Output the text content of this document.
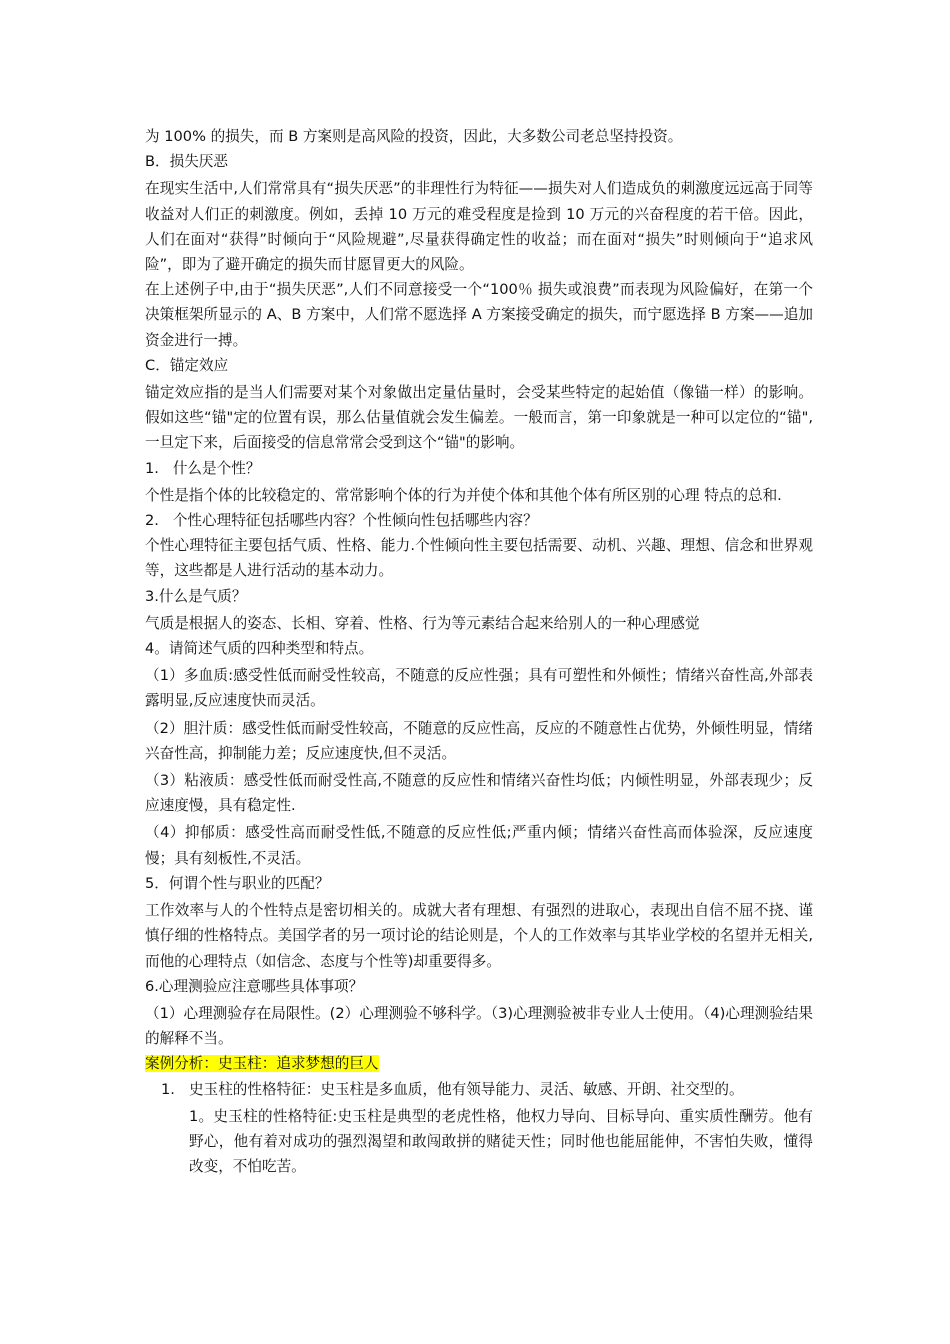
为 100% 的损失，而 B 方案则是高风险的投资，因此，大多数公司老总坚持投资。

B．损失厌恶

在现实生活中,人们常常具有“损失厌恶”的非理性行为特征——损失对人们造成负的刺激度远远高于同等收益对人们正的刺激度。例如，丢掉 10 万元的难受程度是捡到 10 万元的兴奋程度的若干倍。因此，人们在面对“获得”时倾向于“风险规避”,尽量获得确定性的收益；而在面对“损失”时则倾向于“追求风险”，即为了避开确定的损失而甘愿冒更大的风险。

在上述例子中,由于“损失厌恶”,人们不同意接受一个“100％ 损失或浪费”而表现为风险偏好，在第一个决策框架所显示的 A、B 方案中，人们常不愿选择 A 方案接受确定的损失，而宁愿选择 B 方案——追加资金进行一搏。

C．锚定效应

锚定效应指的是当人们需要对某个对象做出定量估量时，会受某些特定的起始值（像锚一样）的影响。假如这些“锚"定的位置有误，那么估量值就会发生偏差。一般而言，第一印象就是一种可以定位的“锚",一旦定下来，后面接受的信息常常会受到这个“锚"的影响。

1.   什么是个性？

个性是指个体的比较稳定的、常常影响个体的行为并使个体和其他个体有所区别的心理 特点的总和.

2.   个性心理特征包括哪些内容？个性倾向性包括哪些内容？

个性心理特征主要包括气质、性格、能力.个性倾向性主要包括需要、动机、兴趣、理想、信念和世界观等，这些都是人进行活动的基本动力。

3.什么是气质？

气质是根据人的姿态、长相、穿着、性格、行为等元素结合起来给别人的一种心理感觉

4。请简述气质的四种类型和特点。

（1）多血质:感受性低而耐受性较高，不随意的反应性强；具有可塑性和外倾性；情绪兴奋性高,外部表露明显,反应速度快而灵活。

（2）胆汁质：感受性低而耐受性较高，不随意的反应性高，反应的不随意性占优势，外倾性明显，情绪兴奋性高，抑制能力差；反应速度快,但不灵活。

（3）粘液质：感受性低而耐受性高,不随意的反应性和情绪兴奋性均低；内倾性明显，外部表现少；反应速度慢，具有稳定性.

（4）抑郁质：感受性高而耐受性低,不随意的反应性低;严重内倾；情绪兴奋性高而体验深，反应速度慢；具有刻板性,不灵活。

5．何谓个性与职业的匹配？

工作效率与人的个性特点是密切相关的。成就大者有理想、有强烈的进取心，表现出自信不屈不挠、谨慎仔细的性格特点。美国学者的另一项讨论的结论则是，个人的工作效率与其毕业学校的名望并无相关,而他的心理特点（如信念、态度与个性等)却重要得多。

6.心理测验应注意哪些具体事项？

（1）心理测验存在局限性。(2）心理测验不够科学。（3)心理测验被非专业人士使用。（4)心理测验结果的解释不当。

案例分析：史玉柱：追求梦想的巨人

1. 史玉柱的性格特征：史玉柱是多血质，他有领导能力、灵活、敏感、开朗、社交型的。

1。史玉柱的性格特征:史玉柱是典型的老虎性格，他权力导向、目标导向、重实质性酬劳。他有野心，他有着对成功的强烈渴望和敢闯敢拼的赌徒天性；同时他也能屈能伸，不害怕失败，懂得改变，不怕吃苦。
